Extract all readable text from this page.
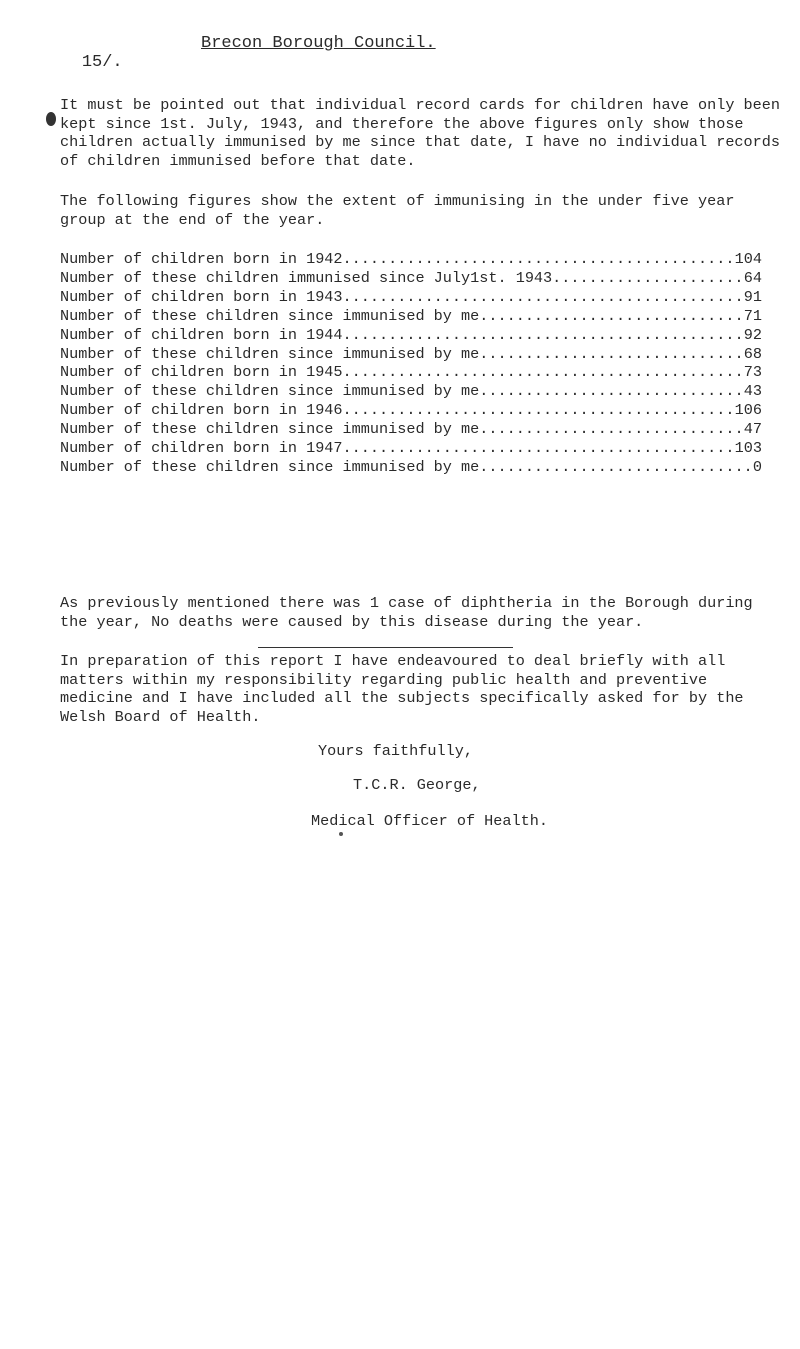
15/.

Brecon Borough Council.

It must be pointed out that individual record cards for children have only been kept since 1st. July, 1943, and therefore the above figures only show those children actually immunised by me since that date, I have no individual records of children immunised before that date.

The following figures show the extent of immunising in the under five year group at the end of the year.

Number of children born in 1942 .....	104
Number of these children immunised since July1st. 1943 .....	64
Number of children born in 1943 .....	91
Number of these children since immunised by me .....	71
Number of children born in 1944 .....	92
Number of these children since immunised by me .....	68
Number of children born in 1945 .....	73
Number of these children since immunised by me .....	43
Number of children born in 1946 .....	106
Number of these children since immunised by me .....	47
Number of children born in 1947 .....	103
Number of these children since immunised by me .....	0

As previously mentioned there was 1 case of diphtheria in the Borough during the year, No deaths were caused by this disease during the year.

In preparation of this report I have endeavoured to deal briefly with all matters within my responsibility regarding public health and preventive medicine and I have included all the subjects specifically asked for by the Welsh Board of Health.

Yours faithfully,
T.C.R. George,
Medical Officer of Health.
